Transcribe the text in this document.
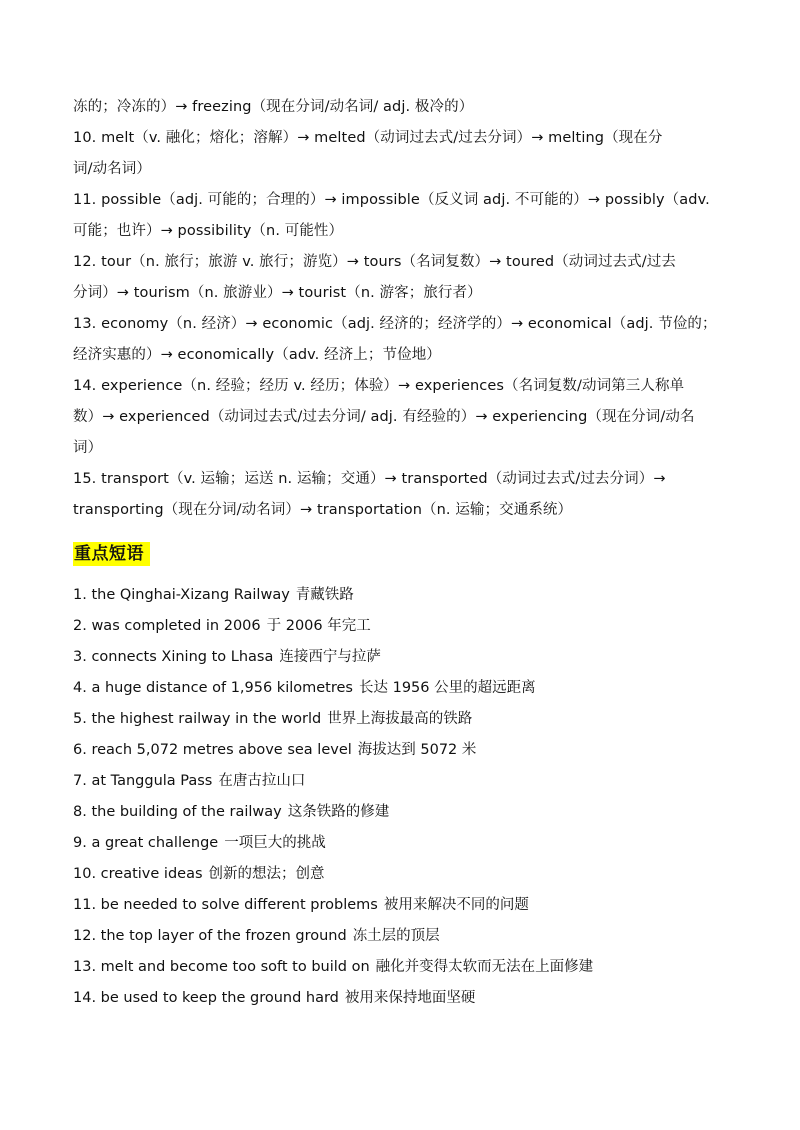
冻的；冷冻的）→ freezing（现在分词/动名词/ adj. 极冷的）
10. melt（v. 融化；熔化；溶解）→ melted（动词过去式/过去分词）→ melting（现在分
词/动名词）
11. possible（adj. 可能的；合理的）→ impossible（反义词 adj. 不可能的）→ possibly（adv.
可能；也许）→ possibility（n. 可能性）
12. tour（n. 旅行；旅游 v. 旅行；游览）→ tours（名词复数）→ toured（动词过去式/过去
分词）→ tourism（n. 旅游业）→ tourist（n. 游客；旅行者）
13. economy（n. 经济）→ economic（adj. 经济的；经济学的）→ economical（adj. 节俭的；
经济实惠的）→ economically（adv. 经济上；节俭地）
14. experience（n. 经验；经历 v. 经历；体验）→ experiences（名词复数/动词第三人称单
数）→ experienced（动词过去式/过去分词/ adj. 有经验的）→ experiencing（现在分词/动名
词）
15. transport（v. 运输；运送 n. 运输；交通）→ transported（动词过去式/过去分词）→
transporting（现在分词/动名词）→ transportation（n. 运输；交通系统）
重点短语
1. the Qinghai-Xizang Railway 青藏铁路
2. was completed in 2006 于 2006 年完工
3. connects Xining to Lhasa 连接西宁与拉萨
4. a huge distance of 1,956 kilometres 长达 1956 公里的超远距离
5. the highest railway in the world 世界上海拔最高的铁路
6. reach 5,072 metres above sea level 海拔达到 5072 米
7. at Tanggula Pass 在唐古拉山口
8. the building of the railway 这条铁路的修建
9. a great challenge 一项巨大的挑战
10. creative ideas 创新的想法；创意
11. be needed to solve different problems 被用来解决不同的问题
12. the top layer of the frozen ground 冻土层的顶层
13. melt and become too soft to build on 融化并变得太软而无法在上面修建
14. be used to keep the ground hard 被用来保持地面坚硬
